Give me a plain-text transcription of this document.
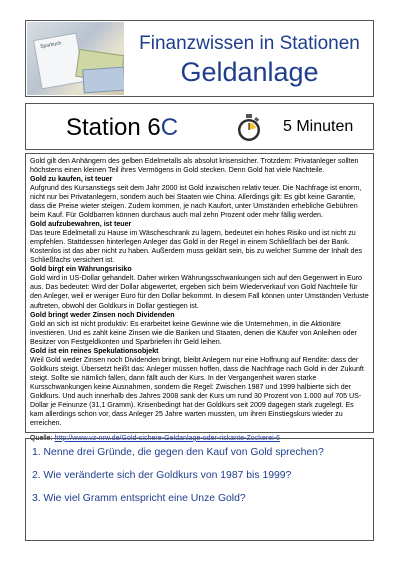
Sparbuch	Finanzwissen in Stationen
Geldanlage
Station 6C	5 Minuten

Gold gilt den Anhängern des gelben Edelmetalls als absolut krisensicher. Trotzdem: Privatanleger sollten höchstens einen kleinen Teil ihres Vermögens in Gold stecken. Denn Gold hat viele Nachteile.

Gold zu kaufen, ist teuer

Aufgrund des Kursanstiegs seit dem Jahr 2000 ist Gold inzwischen relativ teuer. Die Nachfrage ist enorm, nicht nur bei Privatanlegern, sondern auch bei Staaten wie China. Allerdings gilt: Es gibt keine Garantie, dass die Preise wieter steigen. Zudem kommen, je nach Kaufort, unter Umständen erhebliche Gebühren beim Kauf. Für Goldbarren können durchaus auch mal zehn Prozent oder mehr fällig werden.

Gold aufzubewahren, ist teuer

Das teure Edelmetall zu Hause im Wäscheschrank zu lagern, bedeutet ein hohes Risiko und ist nicht zu empfehlen. Stattdessen hinterlegen Anleger das Gold in der Regel in einem Schließfach bei der Bank. Kostenlos ist das aber nicht zu haben. Außerdem muss geklärt sein, bis zu welcher Summe der Inhalt des Schließfachs versichert ist.

Gold birgt ein Währungsrisiko

Gold wird in US-Dollar gehandelt. Daher wirken Währungsschwankungen sich auf den Gegenwert in Euro aus. Das bedeutet: Wird der Dollar abgewertet, ergeben sich beim Wiederverkauf von Gold Nachteile für den Anleger, weil er weniger Euro für den Dollar bekommt. In diesem Fall können unter Umständen Verluste auftreten, obwohl der Goldkurs in Dollar gestiegen ist.

Gold bringt weder Zinsen noch Dividenden

Gold an sich ist nicht produktiv: Es erarbeitet keine Gewinne wie die Unternehmen, in die Aktionäre investieren. Und es zahlt keine Zinsen wie die Banken und Staaten, denen die Käufer von Anleihen oder Besitzer von Festgeldkonten und Sparbriefen ihr Geld leihen.

Gold ist ein reines Spekulationsobjekt

Weil Gold weder Zinsen noch Dividenden bringt, bleibt Anlegern nur eine Hoffnung auf Rendite: dass der Goldkurs steigt. Übersetzt heißt das: Anleger müssen hoffen, dass die Nachfrage nach Gold in der Zukunft steigt. Sollte sie nämlich fallen, dann fällt auch der Kurs. In der Vergangenheit waren starke Kursschwankungen keine Ausnahmen, sondern die Regel: Zwischen 1987 und 1999 halbierte sich der Goldkurs. Und auch innerhalb des Jahres 2008 sank der Kurs um rund 30 Prozent von 1.000 auf 705 US-Dollar je Feinunze (31,1 Gramm). Krisenbedingt hat der Goldkurs seit 2009 dagegen stark zugelegt. Es kam allerdings schon vor, dass Anleger 25 Jahre warten mussten, um ihren Einstiegskurs wieder zu erreichen.

Quelle: http://www.vz-nrw.de/Gold-sichere-Geldanlage-oder-riskante-Zockerei-6

1. Nenne drei Gründe, die gegen den Kauf von Gold sprechen?
2. Wie veränderte sich der Goldkurs von 1987 bis 1999?
3. Wie viel Gramm entspricht eine Unze Gold?
